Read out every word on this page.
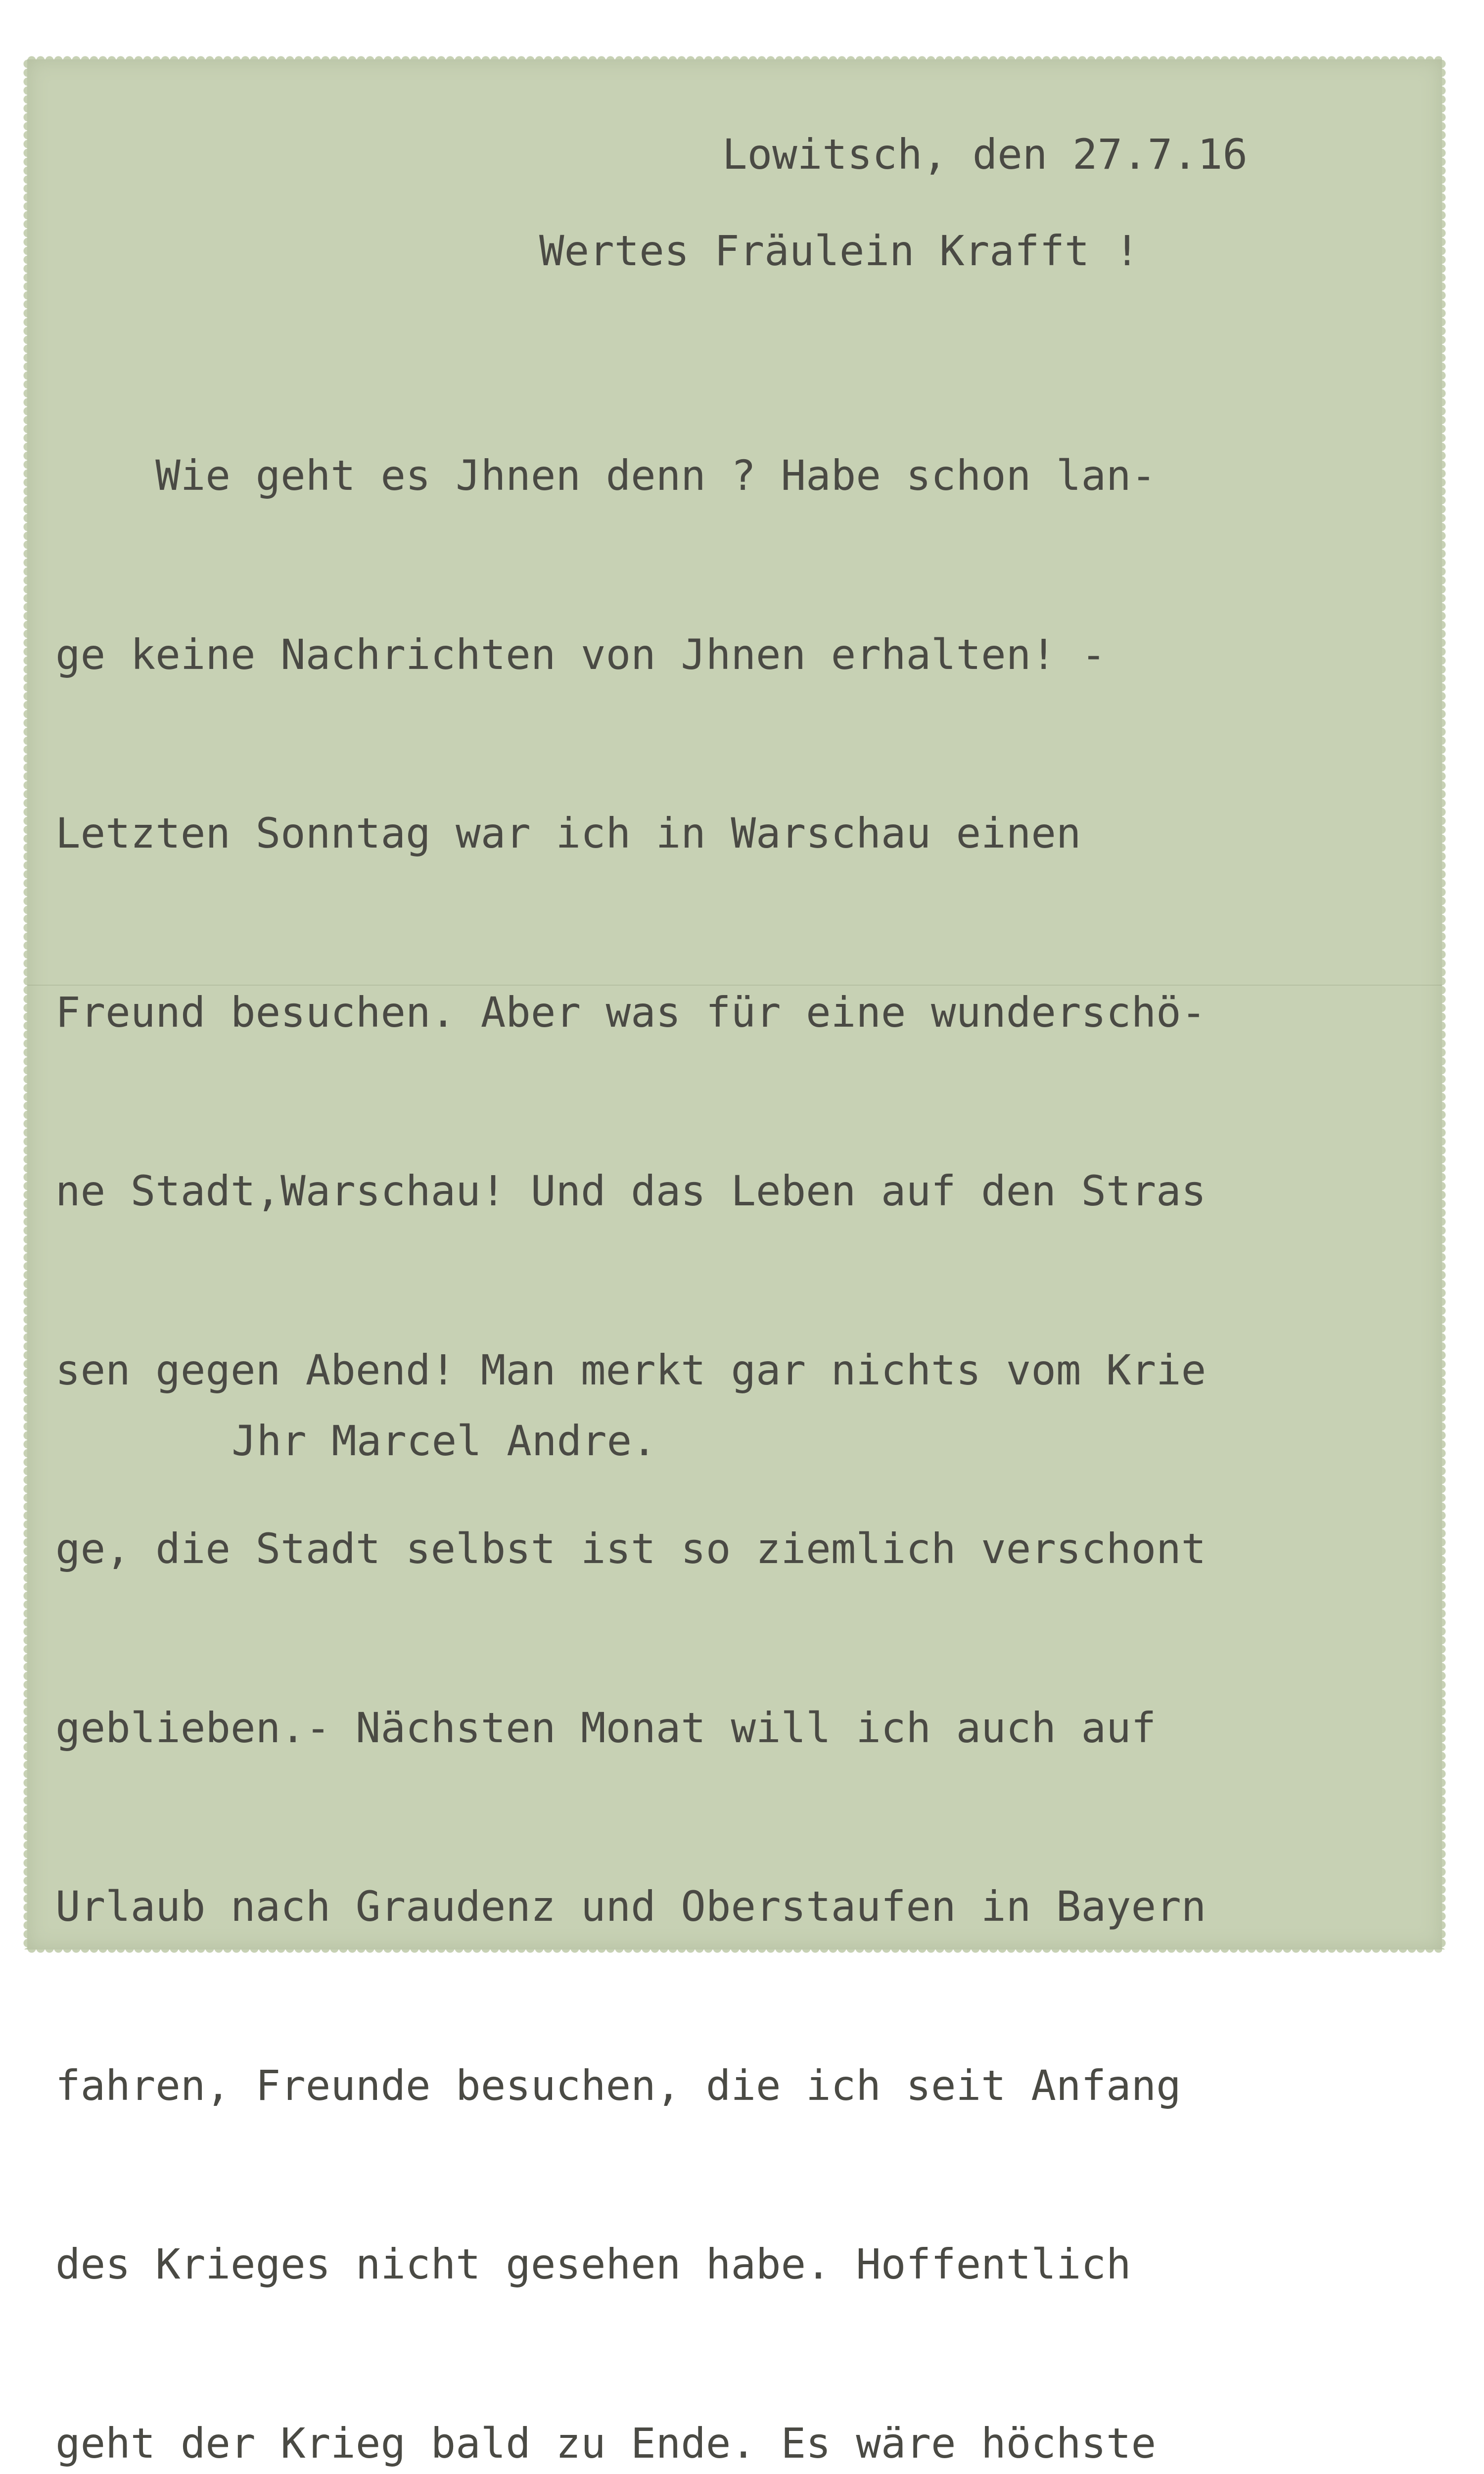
Lowitsch, den 27.7.16
Wertes Fräulein Krafft !

Wie geht es Jhnen denn ? Habe schon lan-

ge keine Nachrichten von Jhnen erhalten! -

Letzten Sonntag war ich in Warschau einen

Freund besuchen. Aber was für eine wunderschö-

ne Stadt,Warschau! Und das Leben auf den Stras

sen gegen Abend! Man merkt gar nichts vom Krie

ge, die Stadt selbst ist so ziemlich verschont

geblieben.- Nächsten Monat will ich auch auf

Urlaub nach Graudenz und Oberstaufen in Bayern

fahren, Freunde besuchen, die ich seit Anfang

des Krieges nicht gesehen habe. Hoffentlich

geht der Krieg bald zu Ende. Es wäre höchste

Jhr Marcel Andre.
